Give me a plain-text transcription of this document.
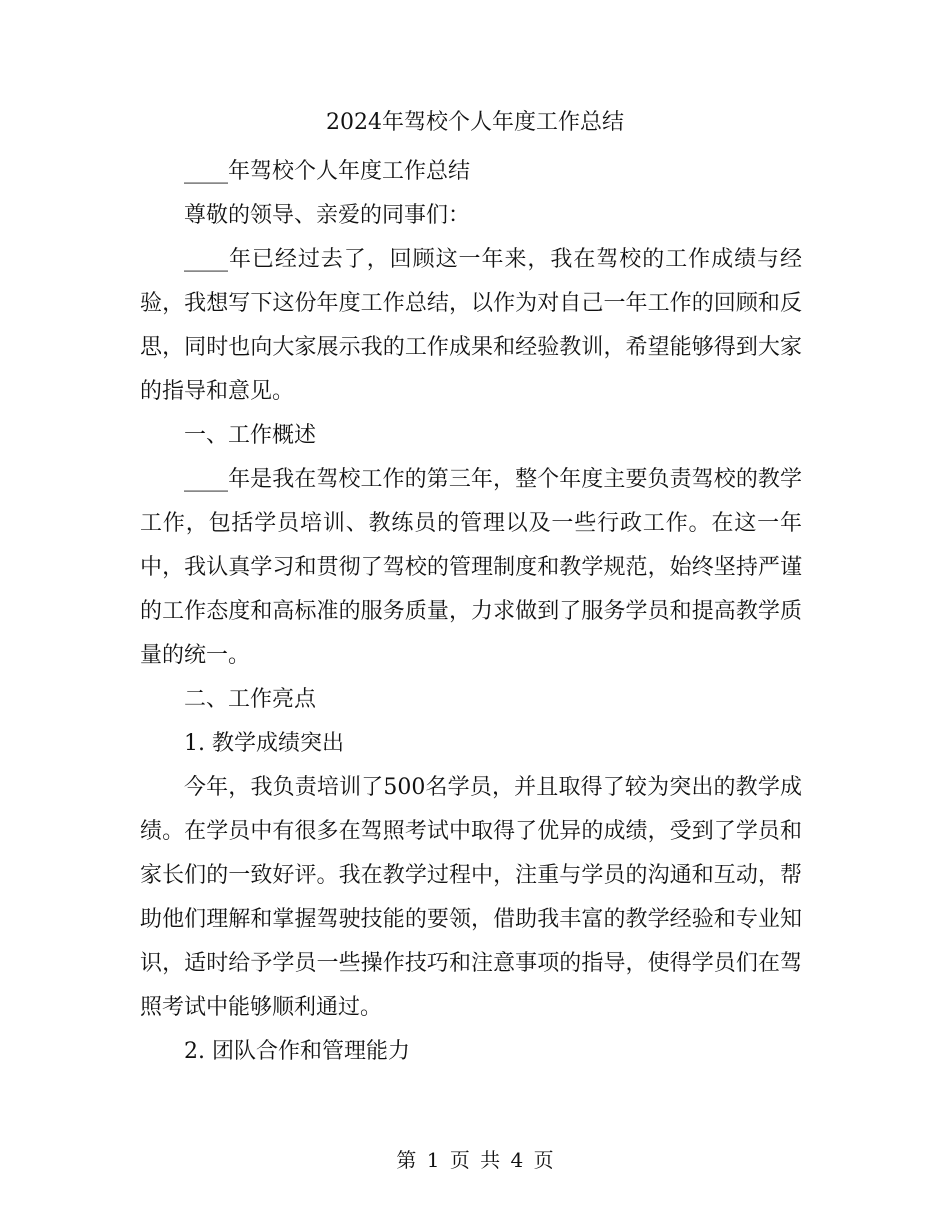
2024年驾校个人年度工作总结

____年驾校个人年度工作总结

尊敬的领导、亲爱的同事们：

____年已经过去了，回顾这一年来，我在驾校的工作成绩与经验，我想写下这份年度工作总结，以作为对自己一年工作的回顾和反思，同时也向大家展示我的工作成果和经验教训，希望能够得到大家的指导和意见。

一、工作概述

____年是我在驾校工作的第三年，整个年度主要负责驾校的教学工作，包括学员培训、教练员的管理以及一些行政工作。在这一年中，我认真学习和贯彻了驾校的管理制度和教学规范，始终坚持严谨的工作态度和高标准的服务质量，力求做到了服务学员和提高教学质量的统一。

二、工作亮点

1. 教学成绩突出

今年，我负责培训了500名学员，并且取得了较为突出的教学成绩。在学员中有很多在驾照考试中取得了优异的成绩，受到了学员和家长们的一致好评。我在教学过程中，注重与学员的沟通和互动，帮助他们理解和掌握驾驶技能的要领，借助我丰富的教学经验和专业知识，适时给予学员一些操作技巧和注意事项的指导，使得学员们在驾照考试中能够顺利通过。

2. 团队合作和管理能力

第 1 页 共 4 页
